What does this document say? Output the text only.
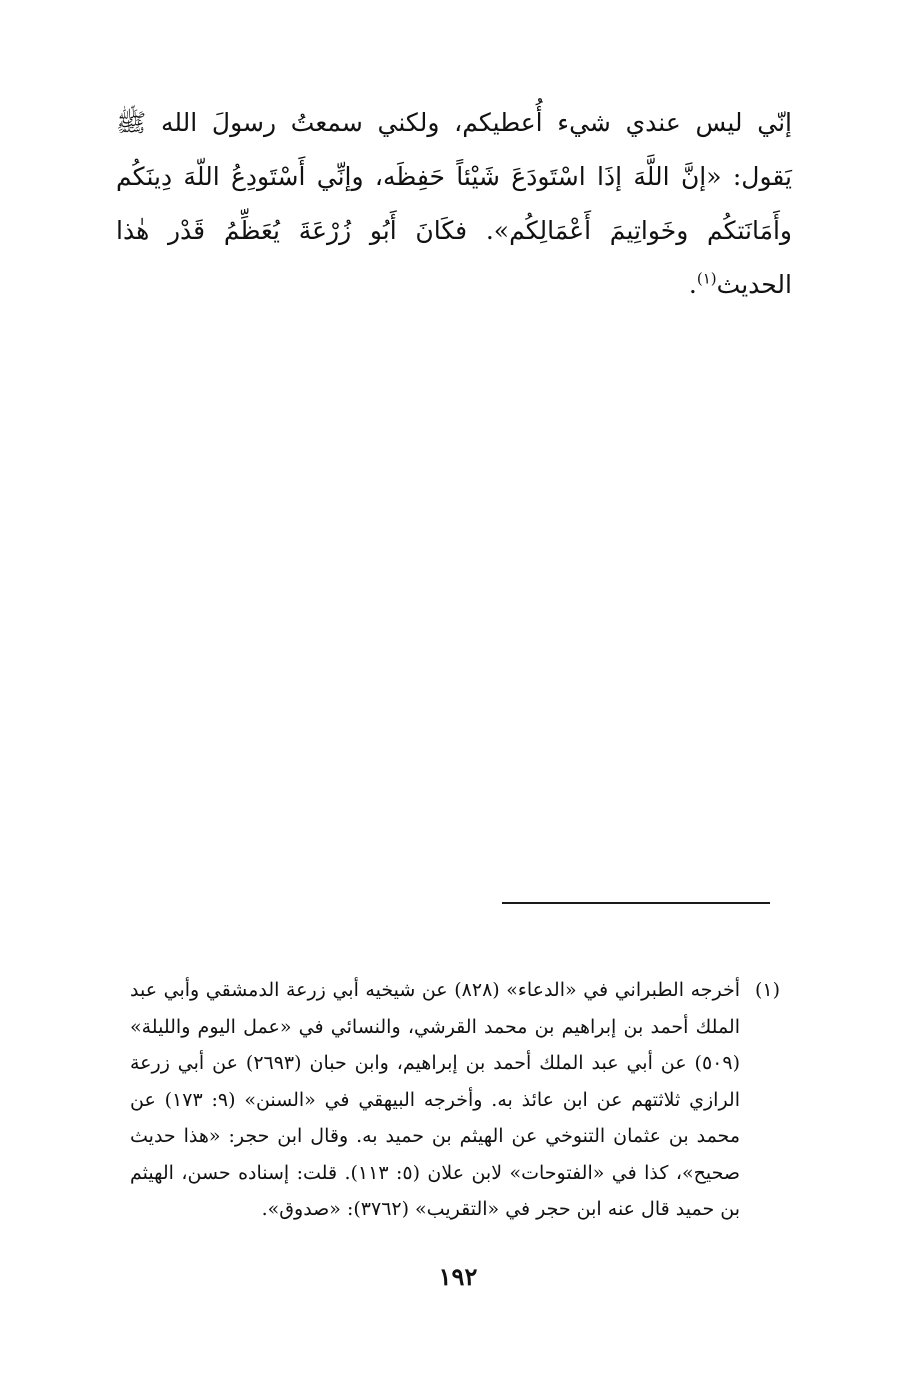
إنّي ليس عندي شيء أُعطيكم، ولكني سمعتُ رسولَ الله ﷺ يَقول: «إنَّ اللَّهَ إذَا اسْتَودَعَ شَيْئاً حَفِظَه، وإنِّي أَسْتَودِعُ اللّهَ دِينَكُم وأَمَانَتكُم وخَواتِيمَ أَعْمَالِكُم». فكَانَ أَبُو زُرْعَةَ يُعَظِّمُ قَدْر هٰذا الحديث$^{(١)}$.

(١)
أخرجه الطبراني في «الدعاء» (٨٢٨) عن شيخيه أبي زرعة الدمشقي وأبي عبد الملك أحمد بن إبراهيم بن محمد القرشي، والنسائي في «عمل اليوم والليلة» (٥٠٩) عن أبي عبد الملك أحمد بن إبراهيم، وابن حبان (٢٦٩٣) عن أبي زرعة الرازي ثلاثتهم عن ابن عائذ به. وأخرجه البيهقي في «السنن» (٩: ١٧٣) عن محمد بن عثمان التنوخي عن الهيثم بن حميد به. وقال ابن حجر: «هذا حديث صحيح»، كذا في «الفتوحات» لابن علان (٥: ١١٣). قلت: إسناده حسن، الهيثم بن حميد قال عنه ابن حجر في «التقريب» (٣٧٦٢): «صدوق».
١٩٢
